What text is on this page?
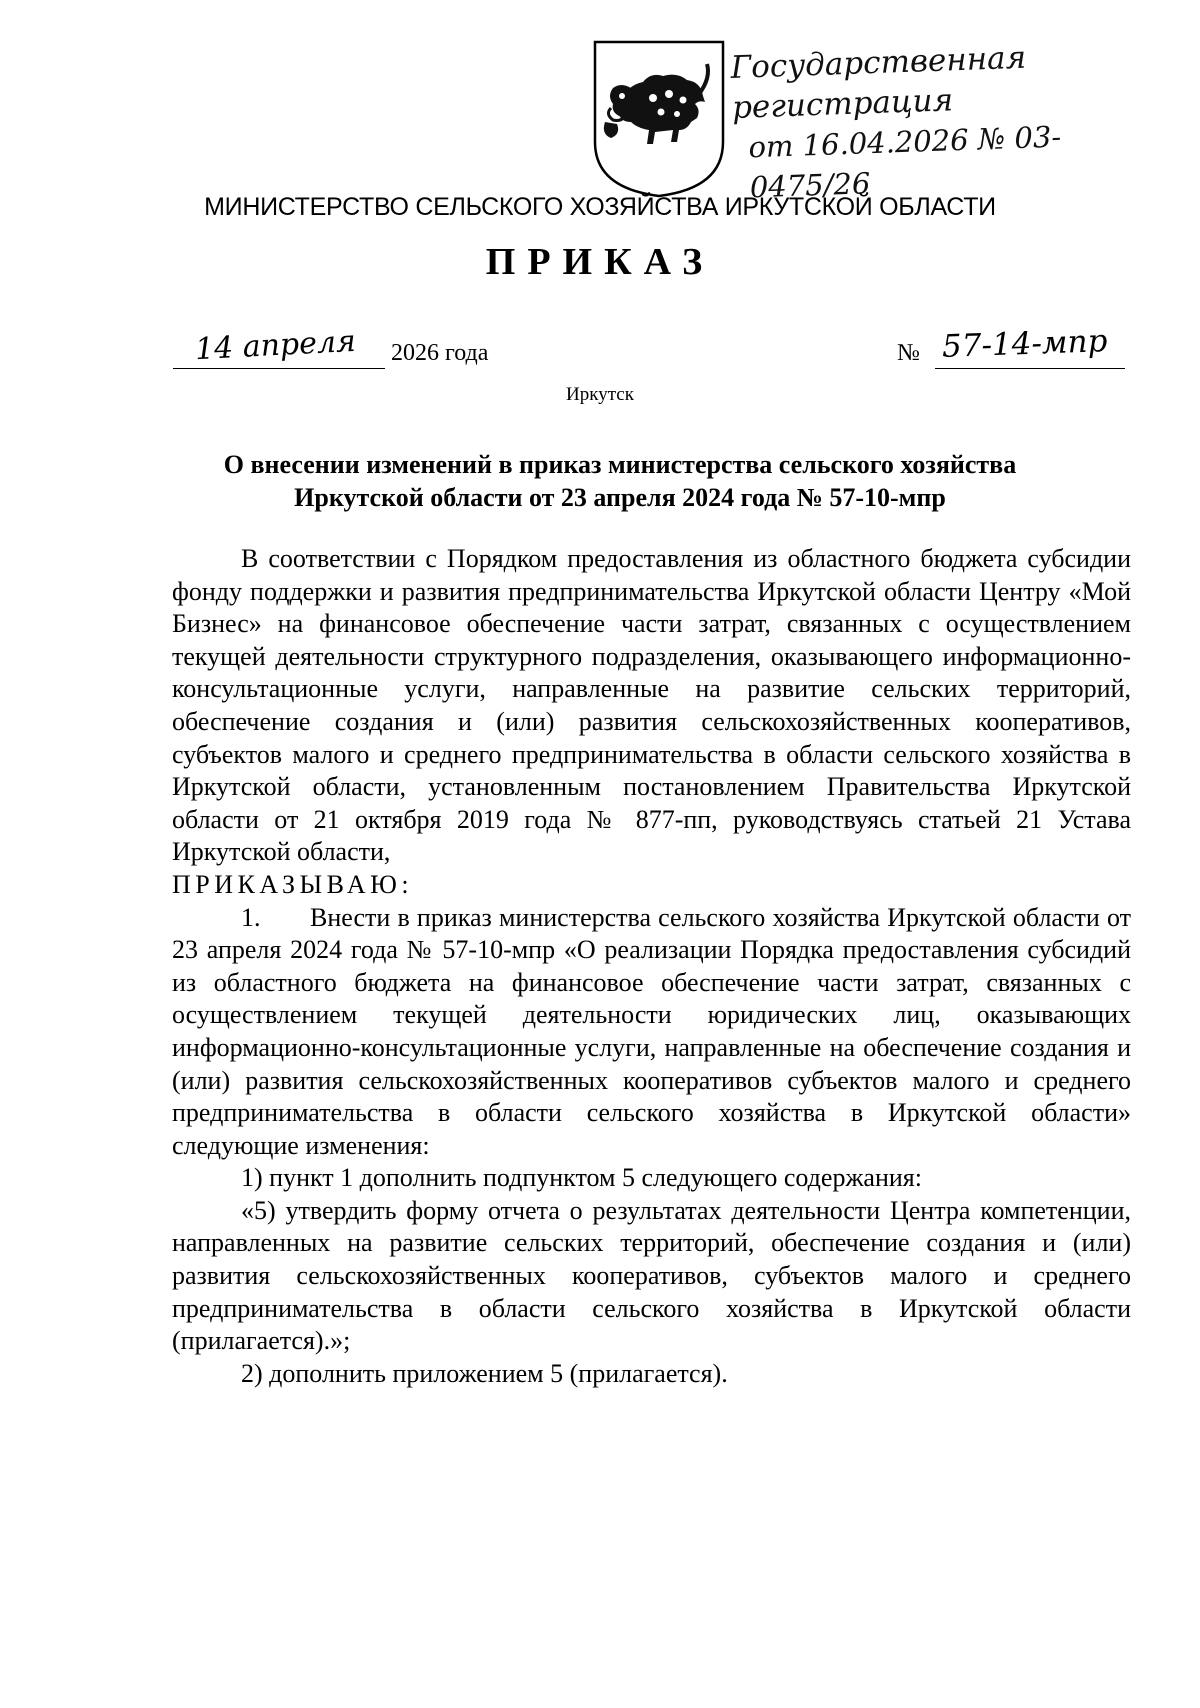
Государственная регистрация
от 16.04.2026 № 03-0475/26
МИНИСТЕРСТВО СЕЛЬСКОГО ХОЗЯЙСТВА ИРКУТСКОЙ ОБЛАСТИ
ПРИКАЗ
14 апреля 2026 года	№ 57-14-мпр
Иркутск
О внесении изменений в приказ министерства сельского хозяйства
Иркутской области от 23 апреля 2024 года № 57-10-мпр

В соответствии с Порядком предоставления из областного бюджета субсидии фонду поддержки и развития предпринимательства Иркутской области Центру «Мой Бизнес» на финансовое обеспечение части затрат, связанных с осуществлением текущей деятельности структурного подразделения, оказывающего информационно-консультационные услуги, направленные на развитие сельских территорий, обеспечение создания и (или) развития сельскохозяйственных кооперативов, субъектов малого и среднего предпринимательства в области сельского хозяйства в Иркутской области, установленным постановлением Правительства Иркутской области от 21 октября 2019 года № 877-пп, руководствуясь статьей 21 Устава Иркутской области,

ПРИКАЗЫВАЮ:

1. Внести в приказ министерства сельского хозяйства Иркутской области от 23 апреля 2024 года № 57-10-мпр «О реализации Порядка предоставления субсидий из областного бюджета на финансовое обеспечение части затрат, связанных с осуществлением текущей деятельности юридических лиц, оказывающих информационно-консультационные услуги, направленные на обеспечение создания и (или) развития сельскохозяйственных кооперативов субъектов малого и среднего предпринимательства в области сельского хозяйства в Иркутской области» следующие изменения:

1) пункт 1 дополнить подпунктом 5 следующего содержания:

«5) утвердить форму отчета о результатах деятельности Центра компетенции, направленных на развитие сельских территорий, обеспечение создания и (или) развития сельскохозяйственных кооперативов, субъектов малого и среднего предпринимательства в области сельского хозяйства в Иркутской области (прилагается).»;

2) дополнить приложением 5 (прилагается).
